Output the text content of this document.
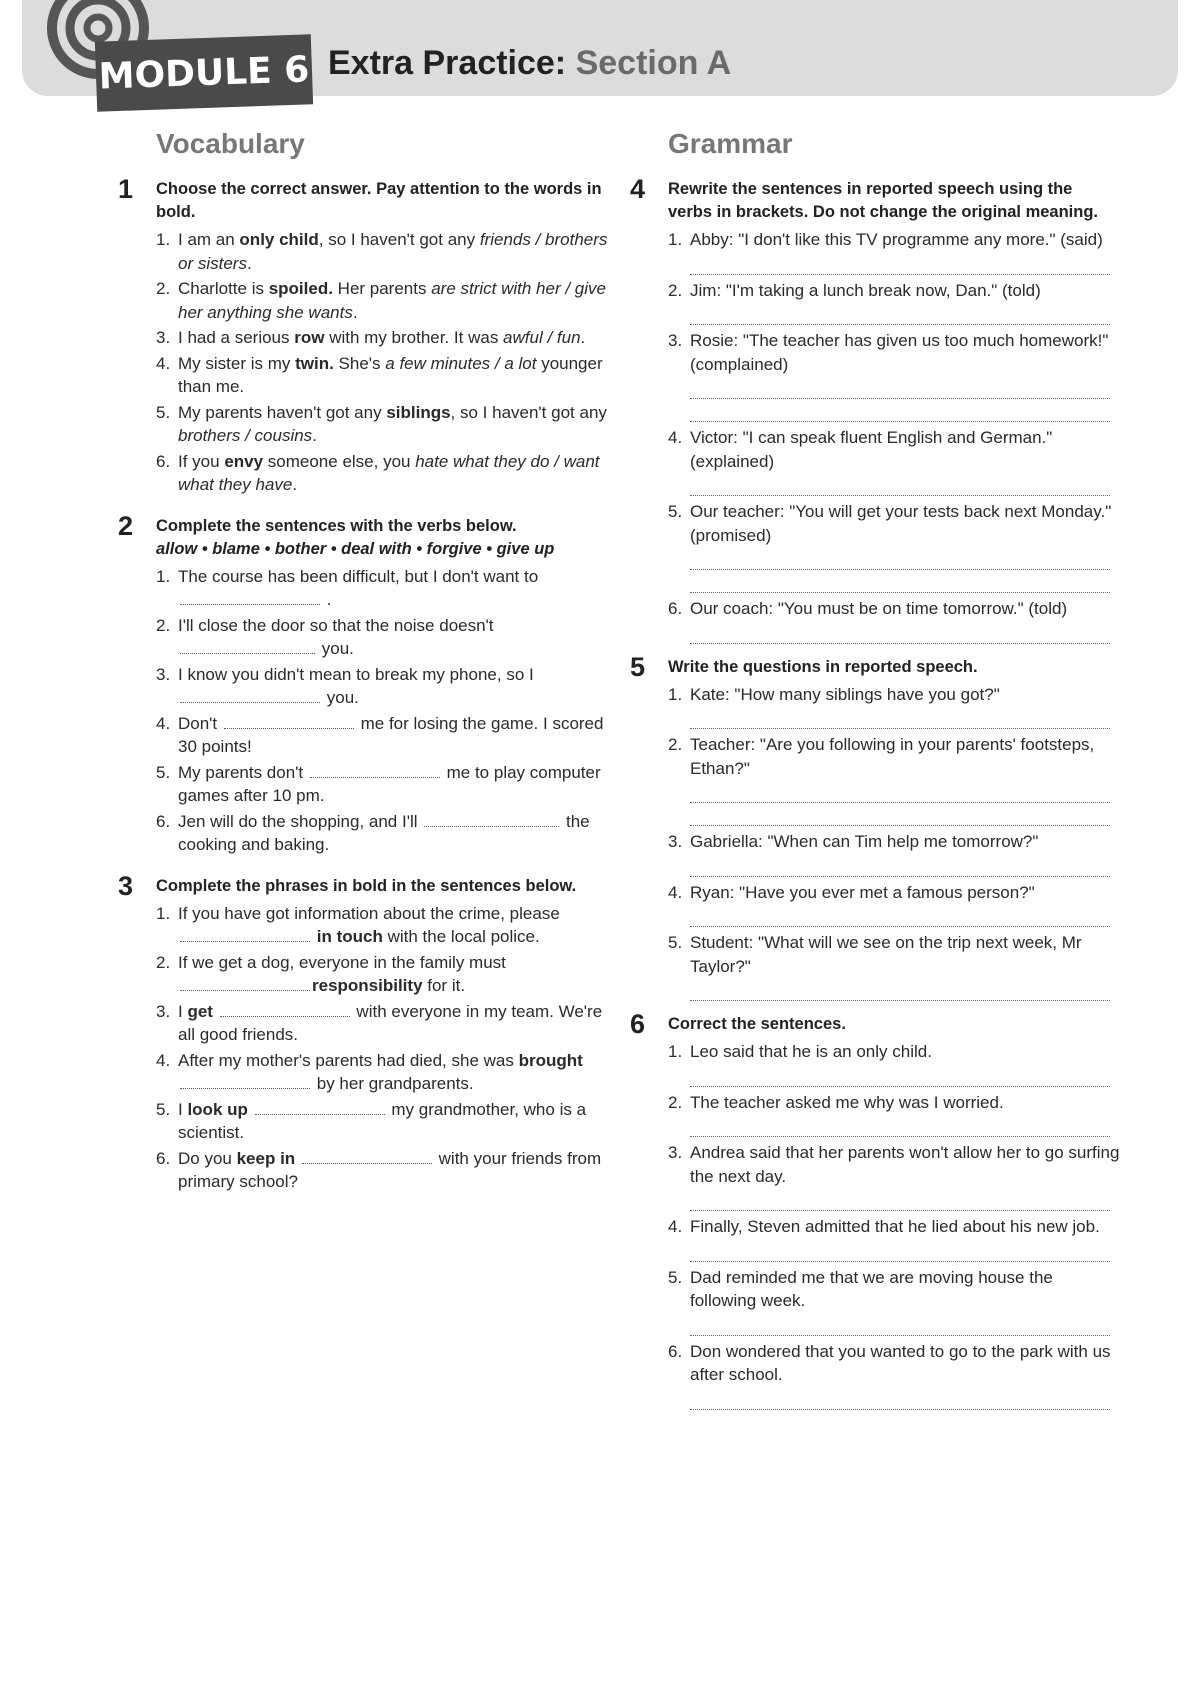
MODULE 6 Extra Practice: Section A
Vocabulary
1 Choose the correct answer. Pay attention to the words in bold.

1. I am an only child, so I haven't got any friends / brothers or sisters.
2. Charlotte is spoiled. Her parents are strict with her / give her anything she wants.
3. I had a serious row with my brother. It was awful / fun.
4. My sister is my twin. She's a few minutes / a lot younger than me.
5. My parents haven't got any siblings, so I haven't got any brothers / cousins.
6. If you envy someone else, you hate what they do / want what they have.
2 Complete the sentences with the verbs below.

allow • blame • bother • deal with • forgive • give up

1. The course has been difficult, but I don't want to  .
2. I'll close the door so that the noise doesn't  you.
3. I know you didn't mean to break my phone, so I  you.
4. Don't	me for losing the game. I scored 30 points!
5. My parents don't	me to play computer games after 10 pm.
6. Jen will do the shopping, and I'll	the cooking and baking.
3 Complete the phrases in bold in the sentences below.

1. If you have got information about the crime, please  in touch with the local police.
2. If we get a dog, everyone in the family must responsibility for it.
3. I get	with everyone in my team. We're all good friends.
4. After my mother's parents had died, she was brought  by her grandparents.
5. I look up	my grandmother, who is a scientist.
6. Do you keep in	with your friends from primary school?
Grammar
4 Rewrite the sentences in reported speech using the verbs in brackets. Do not change the original meaning.

1. Abby: "I don't like this TV programme any more." (said)
2. Jim: "I'm taking a lunch break now, Dan." (told)
3. Rosie: "The teacher has given us too much homework!" (complained)
4. Victor: "I can speak fluent English and German." (explained)
5. Our teacher: "You will get your tests back next Monday." (promised)
6. Our coach: "You must be on time tomorrow." (told)
5 Write the questions in reported speech.

1. Kate: "How many siblings have you got?"
2. Teacher: "Are you following in your parents' footsteps, Ethan?"
3. Gabriella: "When can Tim help me tomorrow?"
4. Ryan: "Have you ever met a famous person?"
5. Student: "What will we see on the trip next week, Mr Taylor?"
6 Correct the sentences.

1. Leo said that he is an only child.
2. The teacher asked me why was I worried.
3. Andrea said that her parents won't allow her to go surfing the next day.
4. Finally, Steven admitted that he lied about his new job.
5. Dad reminded me that we are moving house the following week.
6. Don wondered that you wanted to go to the park with us after school.
